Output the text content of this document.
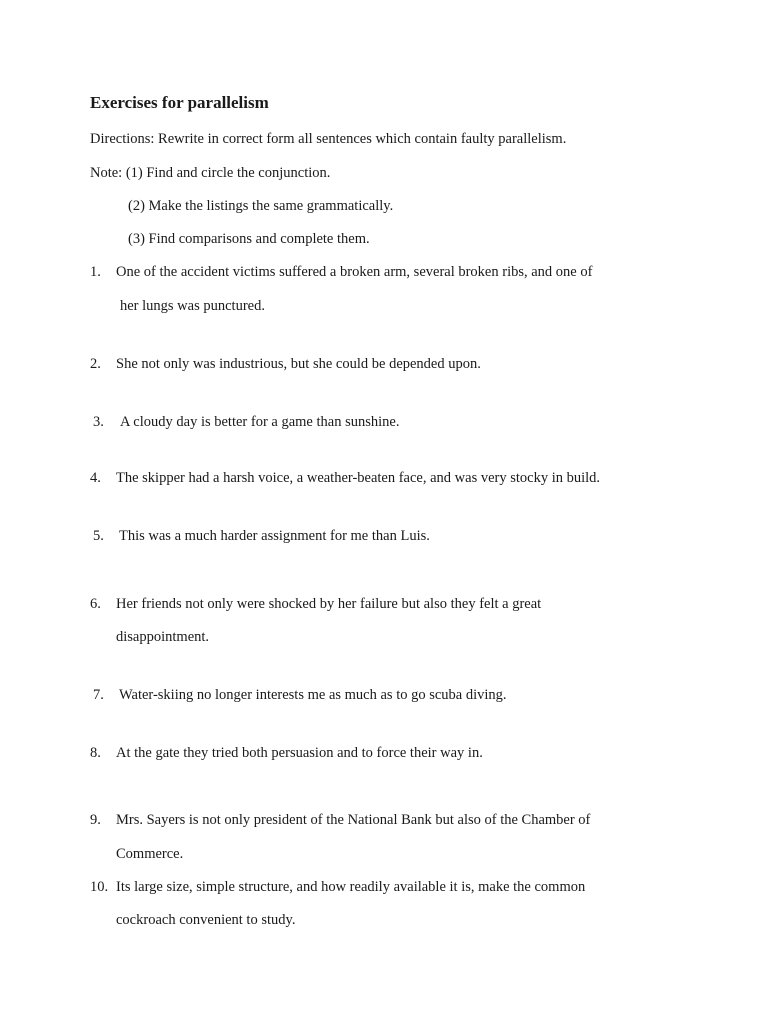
Exercises for parallelism
Directions: Rewrite in correct form all sentences which contain faulty parallelism.
Note: (1) Find and circle the conjunction.
(2) Make the listings the same grammatically.
(3) Find comparisons and complete them.
1. One of the accident victims suffered a broken arm, several broken ribs, and one of
her lungs was punctured.
2. She not only was industrious, but she could be depended upon.
3. A cloudy day is better for a game than sunshine.
4. The skipper had a harsh voice, a weather-beaten face, and was very stocky in build.
5. This was a much harder assignment for me than Luis.
6. Her friends not only were shocked by her failure but also they felt a great
disappointment.
7. Water-skiing no longer interests me as much as to go scuba diving.
8. At the gate they tried both persuasion and to force their way in.
9. Mrs. Sayers is not only president of the National Bank but also of the Chamber of
Commerce.
10. Its large size, simple structure, and how readily available it is, make the common
cockroach convenient to study.
